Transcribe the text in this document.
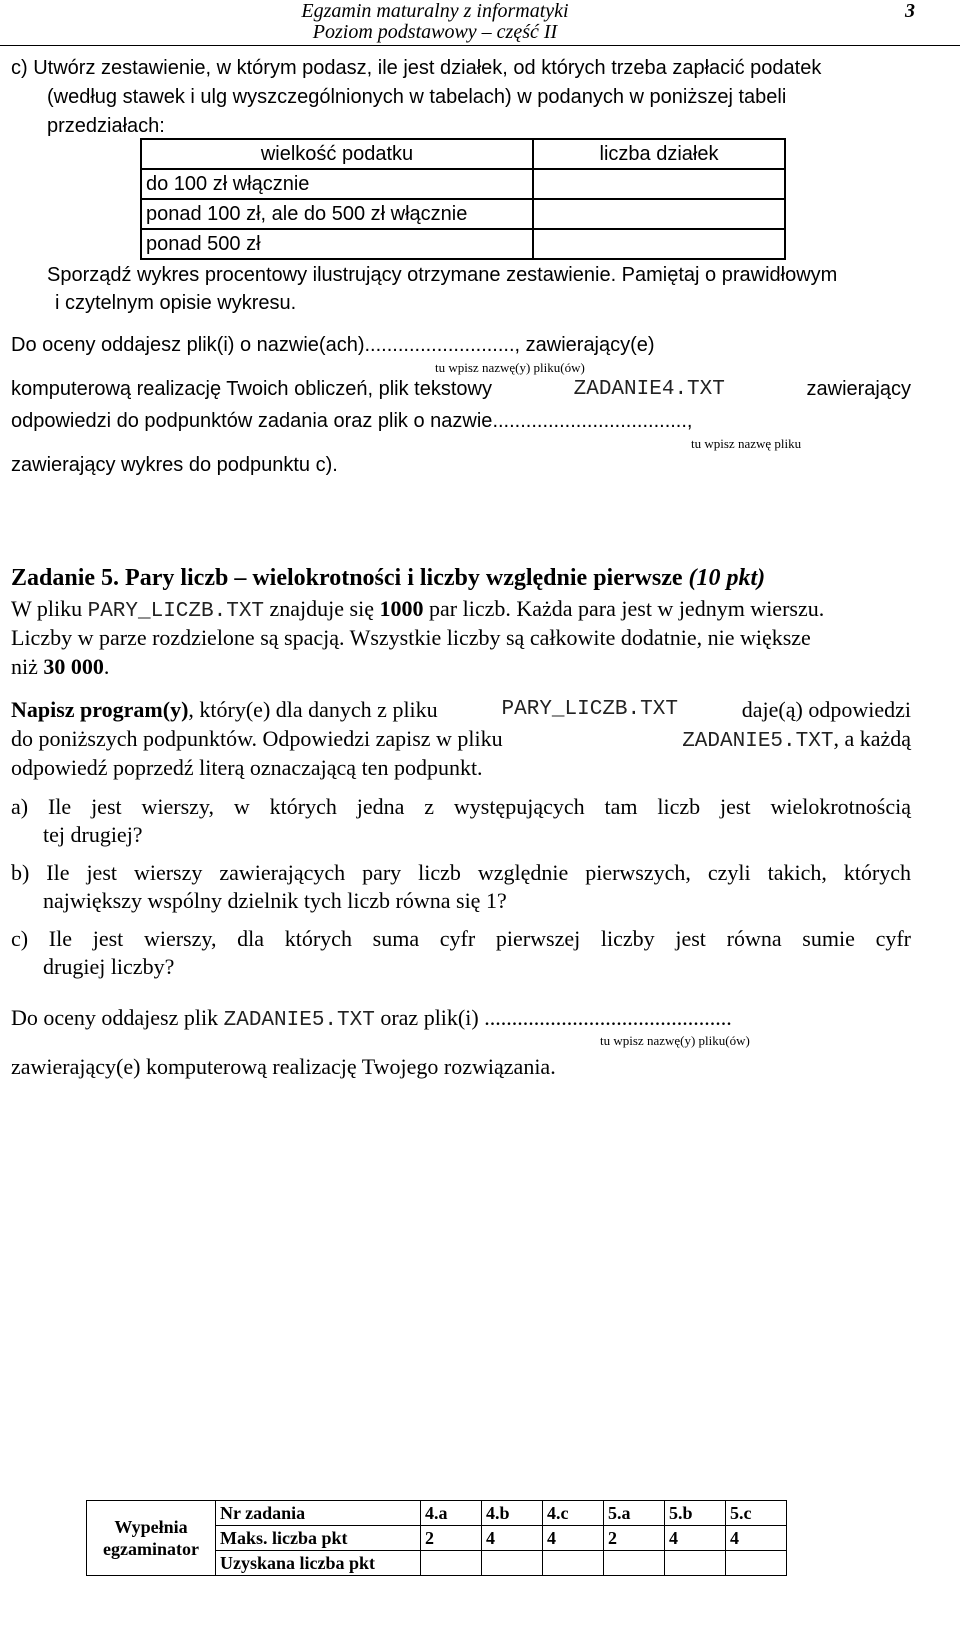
Egzamin maturalny z informatyki
Poziom podstawowy – część II
3
c) Utwórz zestawienie, w którym podasz, ile jest działek, od których trzeba zapłacić podatek
(według stawek i ulg wyszczególnionych w tabelach) w podanych w poniższej tabeli
przedziałach:
wielkość podatku	liczba działek
do 100 zł włącznie	
ponad 100 zł, ale do 500 zł włącznie	
ponad 500 zł	
Sporządź wykres procentowy ilustrujący otrzymane zestawienie. Pamiętaj o prawidłowym
i czytelnym opisie wykresu.
Do oceny oddajesz plik(i) o nazwie(ach)..........................., zawierający(e)
tu wpisz nazwę(y) pliku(ów)
komputerową realizację Twoich obliczeń, plik tekstowy	ZADANIE4.TXT	zawierający
odpowiedzi do podpunktów zadania oraz plik o nazwie...................................,
tu wpisz nazwę pliku
zawierający wykres do podpunktu c).
Zadanie 5. Pary liczb – wielokrotności i liczby względnie pierwsze (10 pkt)
W pliku PARY_LICZB.TXT znajduje się 1000 par liczb. Każda para jest w jednym wierszu.
Liczby w parze rozdzielone są spacją. Wszystkie liczby są całkowite dodatnie, nie większe
niż 30 000.
Napisz program(y), który(e) dla danych z pliku	PARY_LICZB.TXT	daje(ą) odpowiedzi
do poniższych podpunktów. Odpowiedzi zapisz w pliku	ZADANIE5.TXT, a każdą
odpowiedź poprzedź literą oznaczającą ten podpunkt.
a) Ile jest wierszy, w których jedna z występujących tam liczb jest wielokrotnością
tej drugiej?
b) Ile jest wierszy zawierających pary liczb względnie pierwszych, czyli takich, których
największy wspólny dzielnik tych liczb równa się 1?
c) Ile jest wierszy, dla których suma cyfr pierwszej liczby jest równa sumie cyfr
drugiej liczby?
Do oceny oddajesz plik ZADANIE5.TXT oraz plik(i) .............................................
tu wpisz nazwę(y) pliku(ów)
zawierający(e) komputerową realizację Twojego rozwiązania.
Wypełnia
egzaminator	Nr zadania	4.a	4.b	4.c	5.a	5.b	5.c
	Maks. liczba pkt	2	4	4	2	4	4
	Uzyskana liczba pkt						
